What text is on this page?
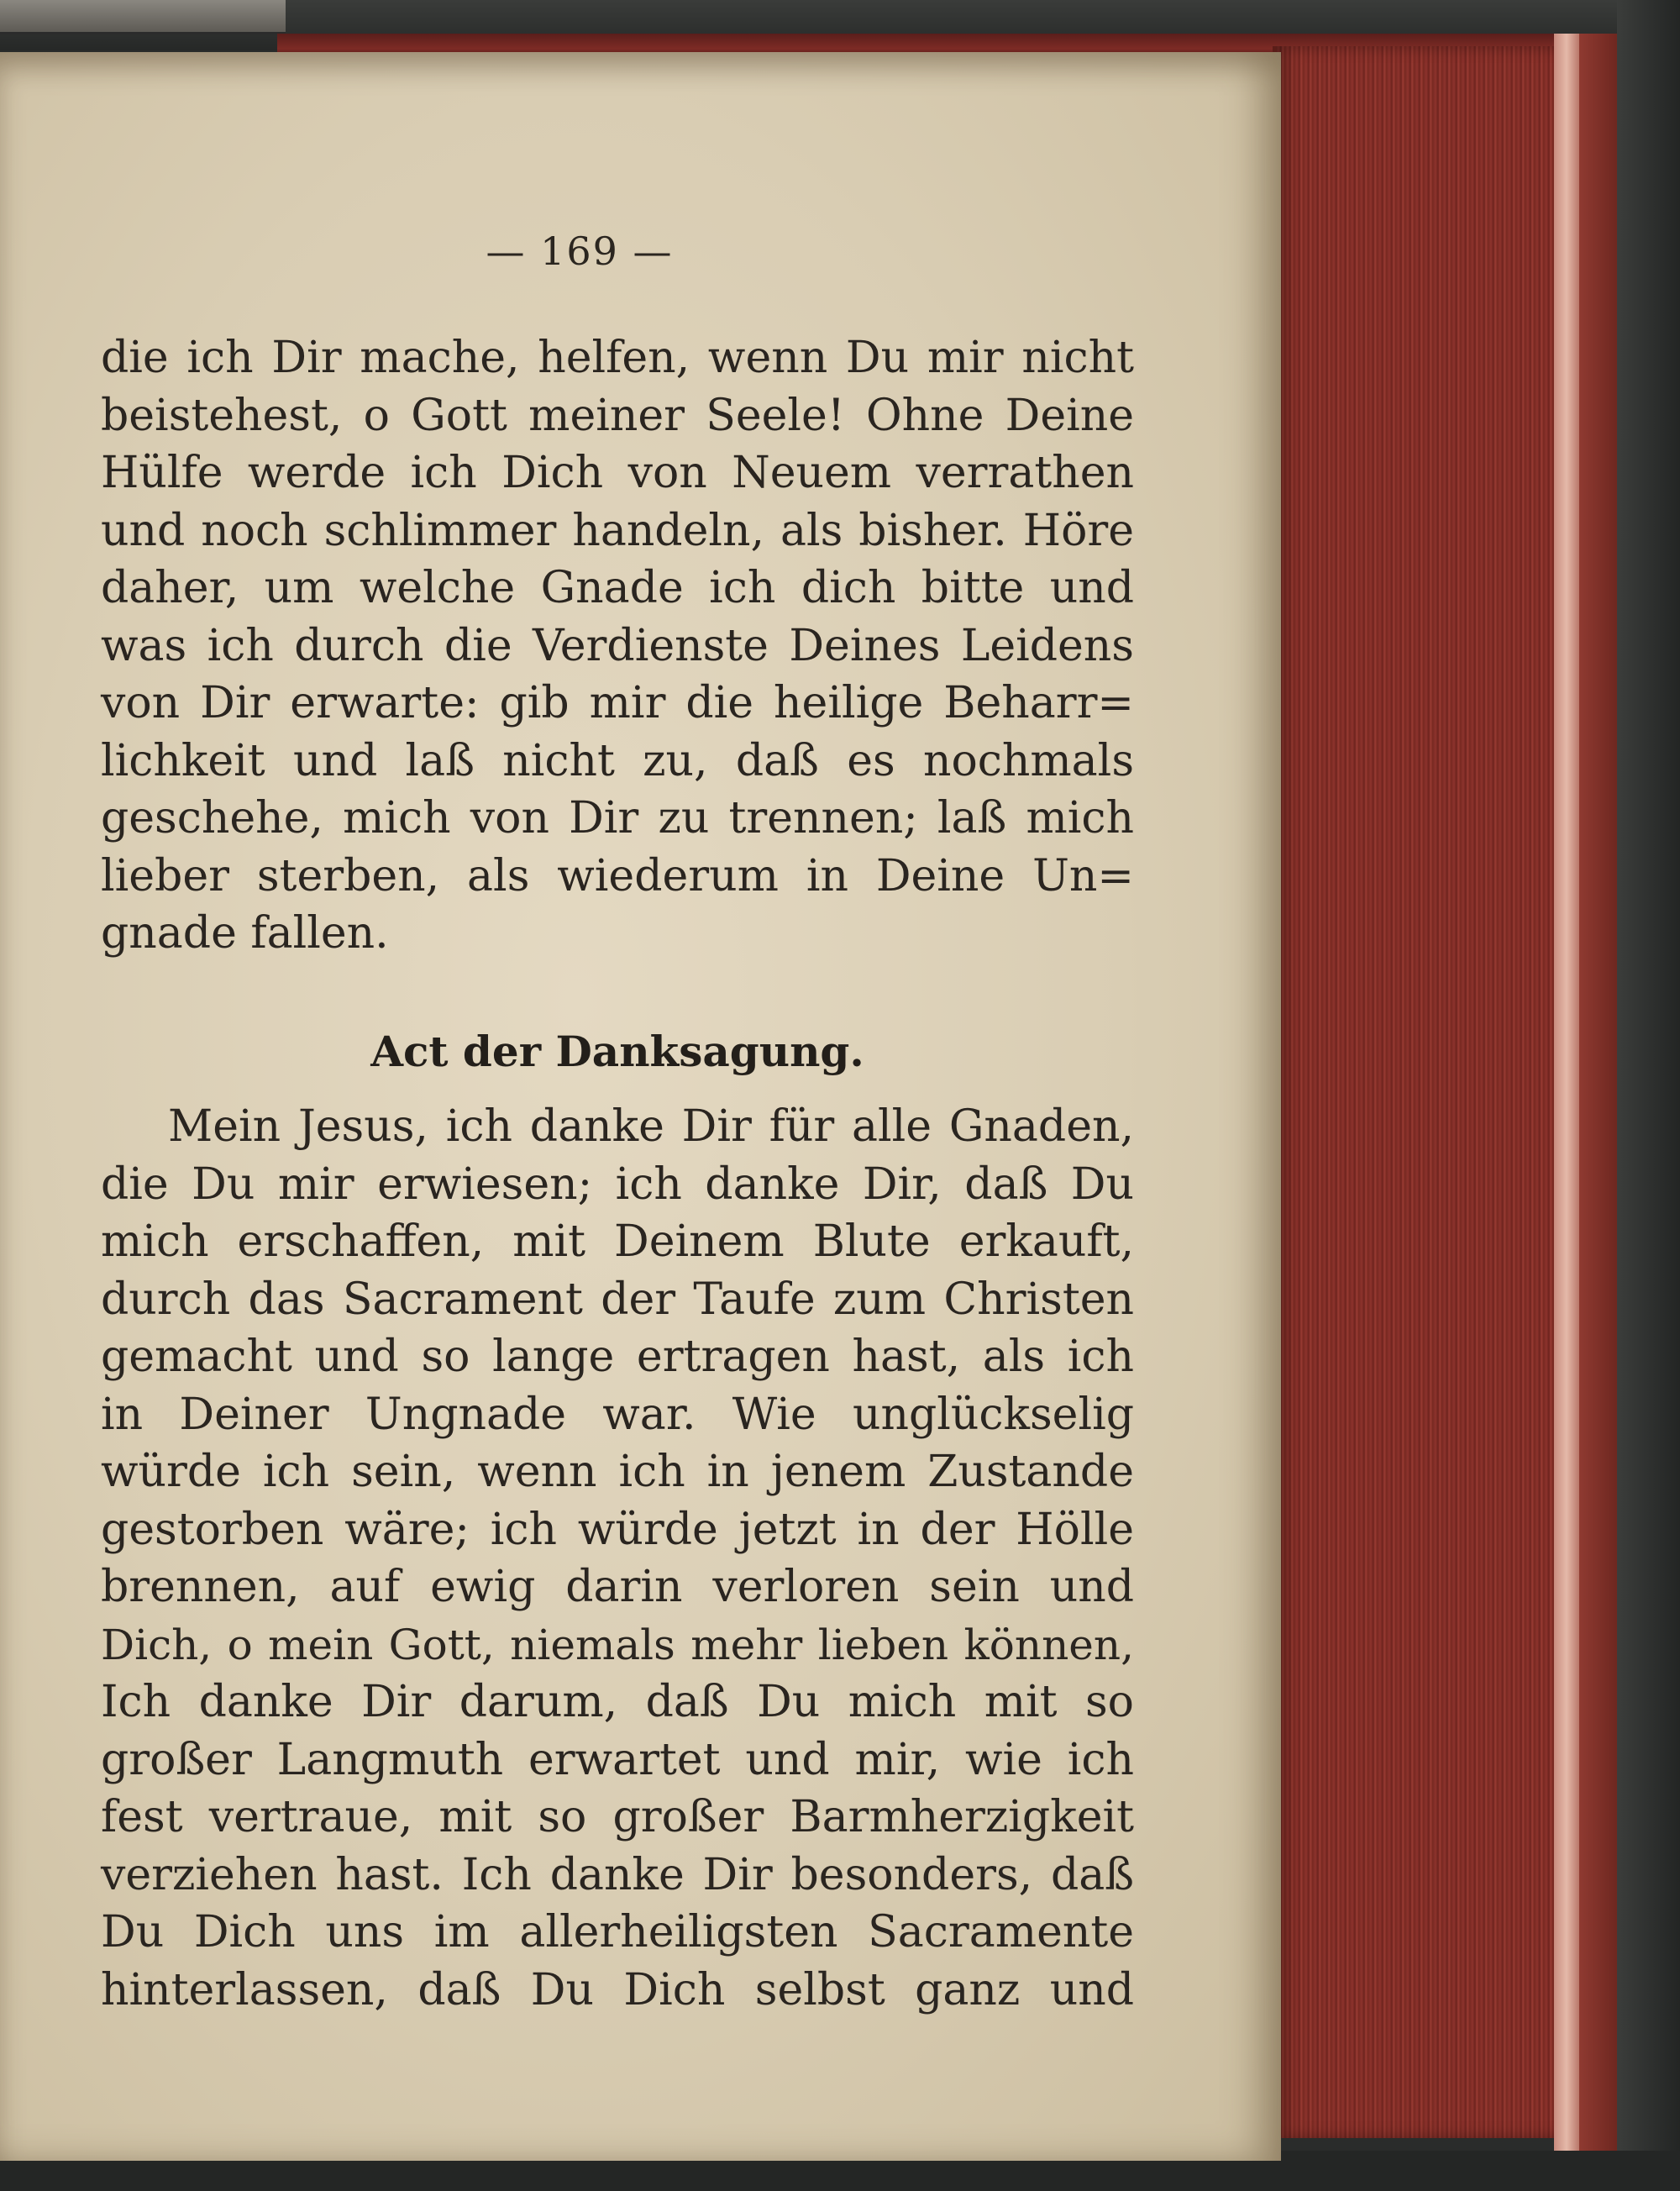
— 169 —
die ich Dir mache, helfen, wenn Du mir nicht
beistehest, o Gott meiner Seele! Ohne Deine
Hülfe werde ich Dich von Neuem verrathen
und noch schlimmer handeln, als bisher. Höre
daher, um welche Gnade ich dich bitte und
was ich durch die Verdienste Deines Leidens
von Dir erwarte: gib mir die heilige Beharr=
lichkeit und laß nicht zu, daß es nochmals
geschehe, mich von Dir zu trennen; laß mich
lieber sterben, als wiederum in Deine Un=
gnade fallen.
Act der Danksagung.
Mein Jesus, ich danke Dir für alle Gnaden,
die Du mir erwiesen; ich danke Dir, daß Du
mich erschaffen, mit Deinem Blute erkauft,
durch das Sacrament der Taufe zum Christen
gemacht und so lange ertragen hast, als ich
in Deiner Ungnade war. Wie unglückselig
würde ich sein, wenn ich in jenem Zustande
gestorben wäre; ich würde jetzt in der Hölle
brennen, auf ewig darin verloren sein und
Dich, o mein Gott, niemals mehr lieben können,
Ich danke Dir darum, daß Du mich mit so
großer Langmuth erwartet und mir, wie ich
fest vertraue, mit so großer Barmherzigkeit
verziehen hast. Ich danke Dir besonders, daß
Du Dich uns im allerheiligsten Sacramente
hinterlassen, daß Du Dich selbst ganz und
